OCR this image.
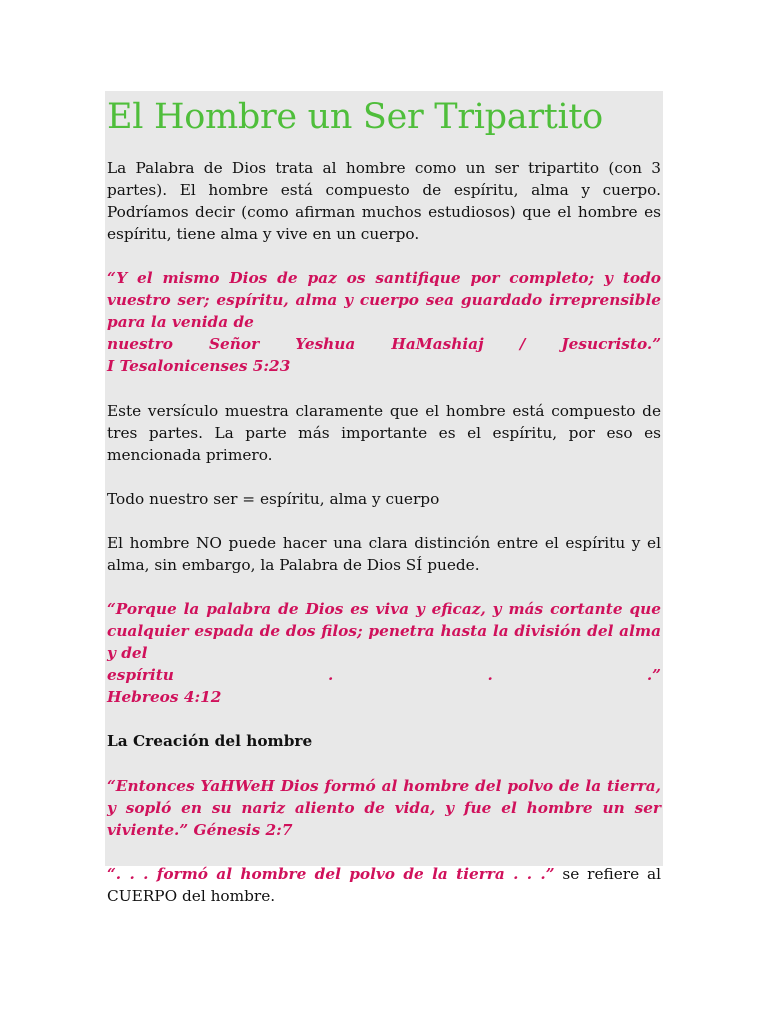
El Hombre un Ser Tripartito

La Palabra de Dios trata al hombre como un ser tripartito (con 3 partes). El hombre está compuesto de espíritu, alma y cuerpo. Podríamos decir (como afirman muchos estudiosos) que el hombre es espíritu, tiene alma y vive en un cuerpo.

“Y el mismo Dios de paz os santifique por completo; y todo vuestro ser; espíritu, alma y cuerpo sea guardado irreprensible para la venida de
nuestro Señor Yeshua HaMashiaj / Jesucristo.”
I Tesalonicenses 5:23

Este versículo muestra claramente que el hombre está compuesto de tres partes. La parte más importante es el espíritu, por eso es mencionada primero.

Todo nuestro ser = espíritu, alma y cuerpo

El hombre NO puede hacer una clara distinción entre el espíritu y el alma, sin embargo, la Palabra de Dios SÍ puede.

“Porque la palabra de Dios es viva y eficaz, y más cortante que cualquier espada de dos filos; penetra hasta la división del alma y del
espíritu	.	.	.”
Hebreos 4:12

La Creación del hombre

“Entonces YaHWeH Dios formó al hombre del polvo de la tierra, y sopló en su nariz aliento de vida, y fue el hombre un ser viviente.” Génesis 2:7

“. . . formó al hombre del polvo de la tierra . . .” se refiere al CUERPO del hombre.
